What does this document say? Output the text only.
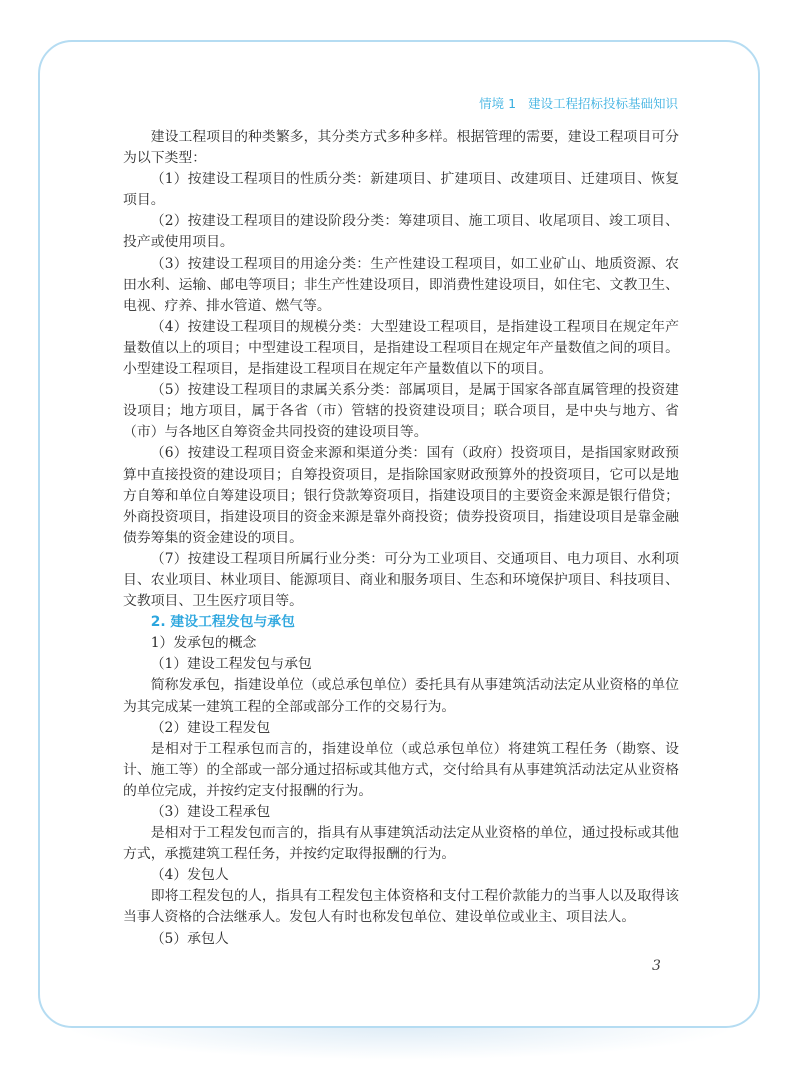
情境 1   建设工程招标投标基础知识

建设工程项目的种类繁多，其分类方式多种多样。根据管理的需要，建设工程项目可分为以下类型：

（1）按建设工程项目的性质分类：新建项目、扩建项目、改建项目、迁建项目、恢复项目。

（2）按建设工程项目的建设阶段分类：筹建项目、施工项目、收尾项目、竣工项目、投产或使用项目。

（3）按建设工程项目的用途分类：生产性建设工程项目，如工业矿山、地质资源、农田水利、运输、邮电等项目；非生产性建设项目，即消费性建设项目，如住宅、文教卫生、电视、疗养、排水管道、燃气等。

（4）按建设工程项目的规模分类：大型建设工程项目，是指建设工程项目在规定年产量数值以上的项目；中型建设工程项目，是指建设工程项目在规定年产量数值之间的项目。小型建设工程项目，是指建设工程项目在规定年产量数值以下的项目。

（5）按建设工程项目的隶属关系分类：部属项目，是属于国家各部直属管理的投资建设项目；地方项目，属于各省（市）管辖的投资建设项目；联合项目，是中央与地方、省（市）与各地区自筹资金共同投资的建设项目等。

（6）按建设工程项目资金来源和渠道分类：国有（政府）投资项目，是指国家财政预算中直接投资的建设项目；自筹投资项目，是指除国家财政预算外的投资项目，它可以是地方自筹和单位自筹建设项目；银行贷款筹资项目，指建设项目的主要资金来源是银行借贷；外商投资项目，指建设项目的资金来源是靠外商投资；债券投资项目，指建设项目是靠金融债券筹集的资金建设的项目。

（7）按建设工程项目所属行业分类：可分为工业项目、交通项目、电力项目、水利项目、农业项目、林业项目、能源项目、商业和服务项目、生态和环境保护项目、科技项目、文教项目、卫生医疗项目等。

2. 建设工程发包与承包

1）发承包的概念

（1）建设工程发包与承包

简称发承包，指建设单位（或总承包单位）委托具有从事建筑活动法定从业资格的单位为其完成某一建筑工程的全部或部分工作的交易行为。

（2）建设工程发包

是相对于工程承包而言的，指建设单位（或总承包单位）将建筑工程任务（勘察、设计、施工等）的全部或一部分通过招标或其他方式，交付给具有从事建筑活动法定从业资格的单位完成，并按约定支付报酬的行为。

（3）建设工程承包

是相对于工程发包而言的，指具有从事建筑活动法定从业资格的单位，通过投标或其他方式，承揽建筑工程任务，并按约定取得报酬的行为。

（4）发包人

即将工程发包的人，指具有工程发包主体资格和支付工程价款能力的当事人以及取得该当事人资格的合法继承人。发包人有时也称发包单位、建设单位或业主、项目法人。

（5）承包人

3
